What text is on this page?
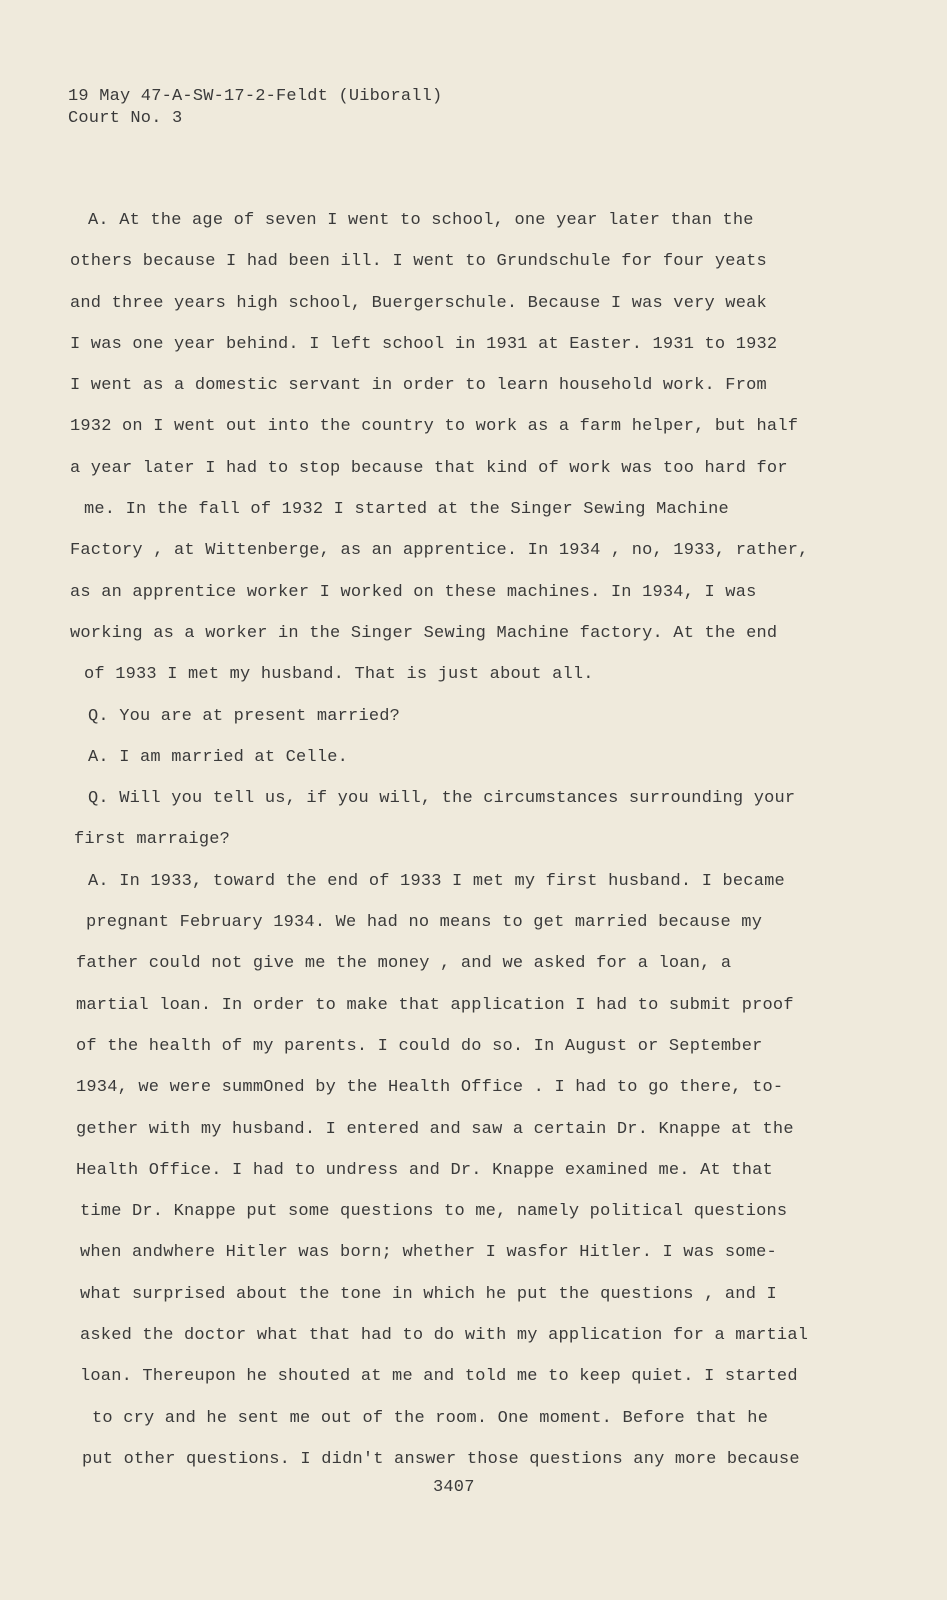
19 May 47-A-SW-17-2-Feldt (Uiborall)
Court No. 3
A. At the age of seven I went to school, one year later than the
others because I had been ill. I went to Grundschule for four yeats
and three years high school, Buergerschule. Because I was very weak
I was one year behind. I left school in 1931 at Easter. 1931 to 1932
I went as a domestic servant in order to learn household work. From
1932 on I went out into the country to work as a farm helper, but half
a year later I had to stop because that kind of work was too hard for
me. In the fall of 1932 I started at the Singer Sewing Machine
Factory , at Wittenberge, as an apprentice. In 1934 , no, 1933, rather,
as an apprentice worker I worked on these machines. In 1934, I was
working as a worker in the Singer Sewing Machine factory. At the end
of 1933 I met my husband. That is just about all.
Q. You are at present married?
A. I am married at Celle.
Q. Will you tell us, if you will, the circumstances surrounding your
first marraige?
A. In 1933, toward the end of 1933 I met my first husband. I became
pregnant February 1934. We had no means to get married because my
father could not give me the money , and we asked for a loan, a
martial loan. In order to make that application I had to submit proof
of the health of my parents. I could do so. In August or September
1934, we were summOned by the Health Office . I had to go there, to-
gether with my husband. I entered and saw a certain Dr. Knappe at the
Health Office. I had to undress and Dr. Knappe examined me. At that
time Dr. Knappe put some questions to me, namely political questions
when andwhere Hitler was born; whether I wasfor Hitler. I was some-
what surprised about the tone in which he put the questions , and I
asked the doctor what that had to do with my application for a martial
loan. Thereupon he shouted at me and told me to keep quiet. I started
to cry and he sent me out of the room. One moment. Before that he
put other questions. I didn't answer those questions any more because
3407
